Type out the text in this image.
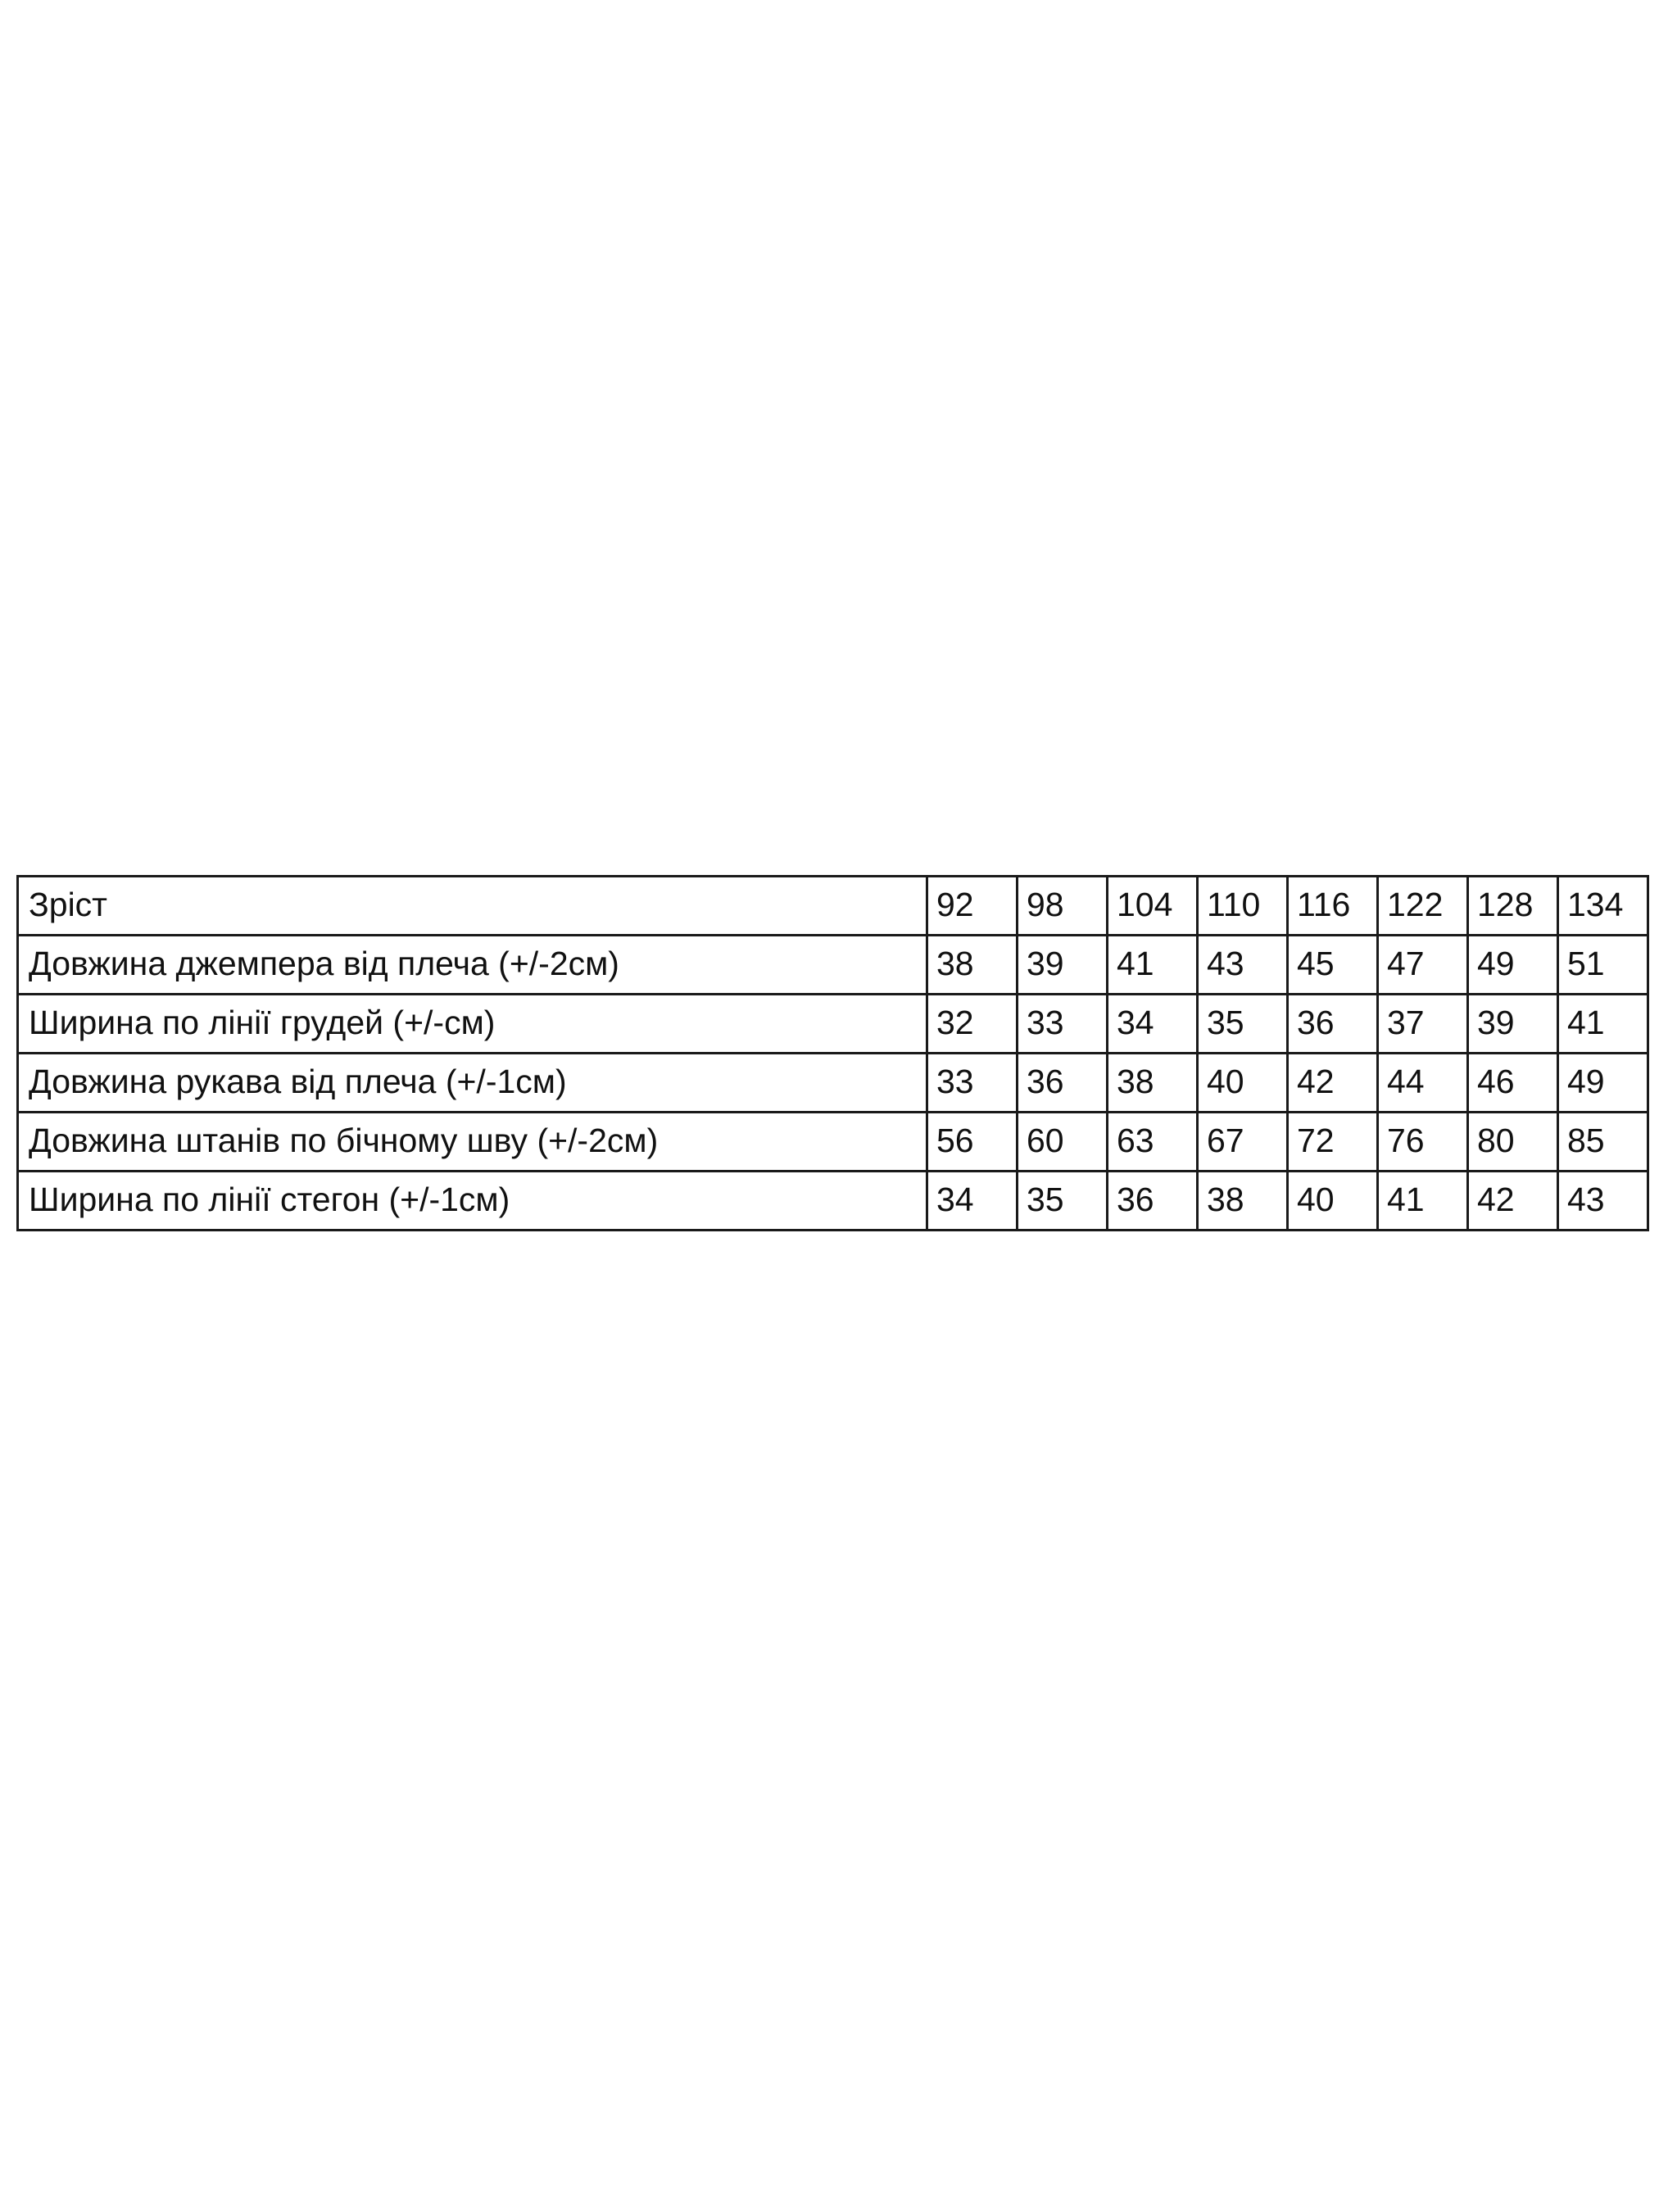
Зріст	92	98	104	110	116	122	128	134
Довжина джемпера від плеча (+/-2см)	38	39	41	43	45	47	49	51
Ширина по лінії грудей (+/-см)	32	33	34	35	36	37	39	41
Довжина рукава від плеча (+/-1см)	33	36	38	40	42	44	46	49
Довжина штанів по бічному шву (+/-2см)	56	60	63	67	72	76	80	85
Ширина по лінії стегон (+/-1см)	34	35	36	38	40	41	42	43
